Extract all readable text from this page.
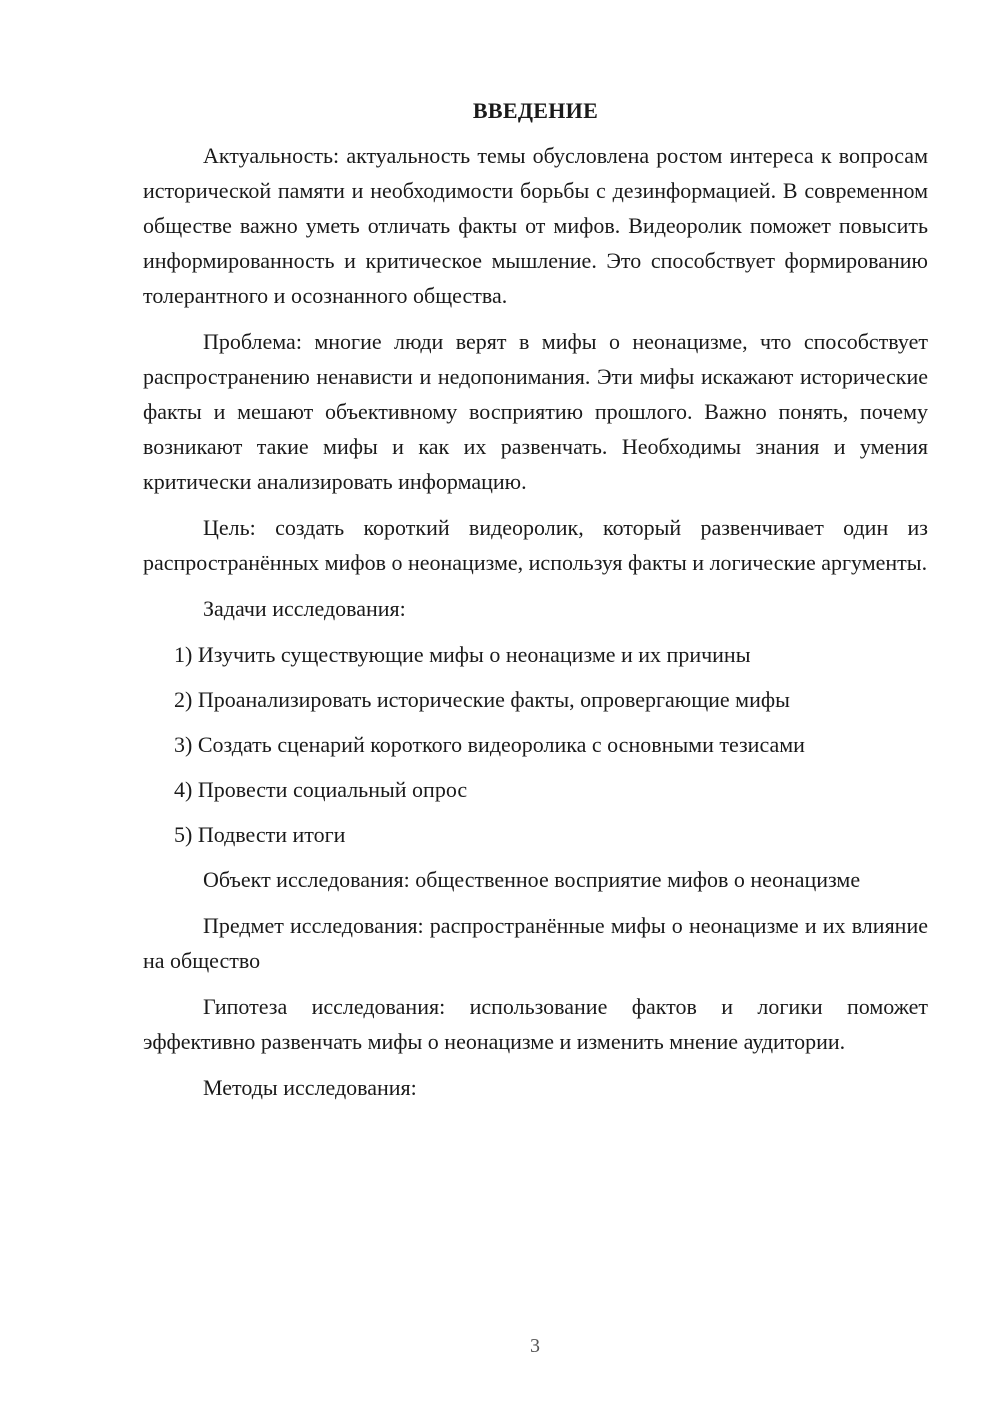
ВВЕДЕНИЕ

Актуальность: актуальность темы обусловлена ростом интереса к вопросам исторической памяти и необходимости борьбы с дезинформацией. В современном обществе важно уметь отличать факты от мифов. Видеоролик поможет повысить информированность и критическое мышление. Это способствует формированию толерантного и осознанного общества.

Проблема: многие люди верят в мифы о неонацизме, что способствует распространению ненависти и недопонимания. Эти мифы искажают исторические факты и мешают объективному восприятию прошлого. Важно понять, почему возникают такие мифы и как их развенчать. Необходимы знания и умения критически анализировать информацию.

Цель: создать короткий видеоролик, который развенчивает один из распространённых мифов о неонацизме, используя факты и логические аргументы.

Задачи исследования:

1) Изучить существующие мифы о неонацизме и их причины
2) Проанализировать исторические факты, опровергающие мифы
3) Создать сценарий короткого видеоролика с основными тезисами
4) Провести социальный опрос
5) Подвести итоги

Объект исследования: общественное восприятие мифов о неонацизме

Предмет исследования: распространённые мифы о неонацизме и их влияние на общество

Гипотеза исследования: использование фактов и логики поможет эффективно развенчать мифы о неонацизме и изменить мнение аудитории.

Методы исследования:

3
